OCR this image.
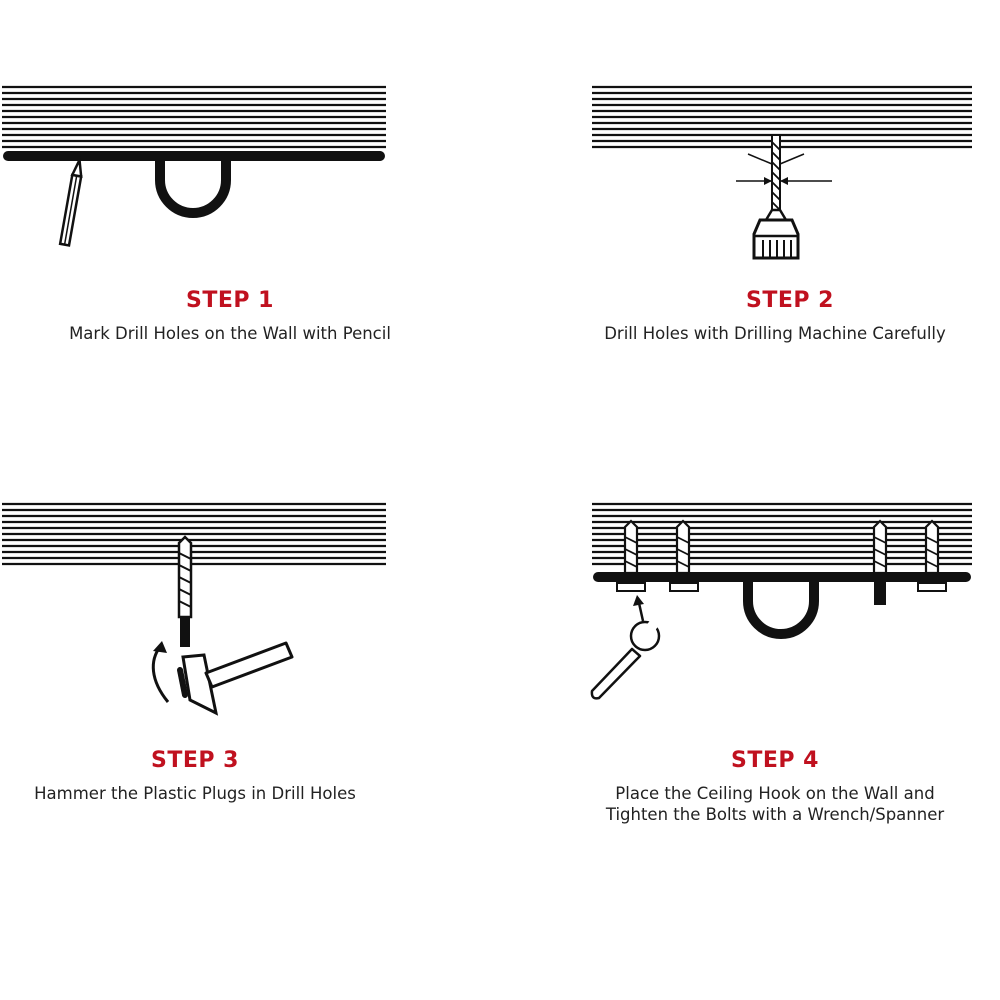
STEP 1
Mark Drill Holes on the Wall with Pencil
STEP 2
Drill Holes with Drilling Machine Carefully
STEP 3
Hammer the Plastic Plugs in Drill Holes
STEP 4
Place the Ceiling Hook on the Wall and
Tighten the Bolts with a Wrench/Spanner
